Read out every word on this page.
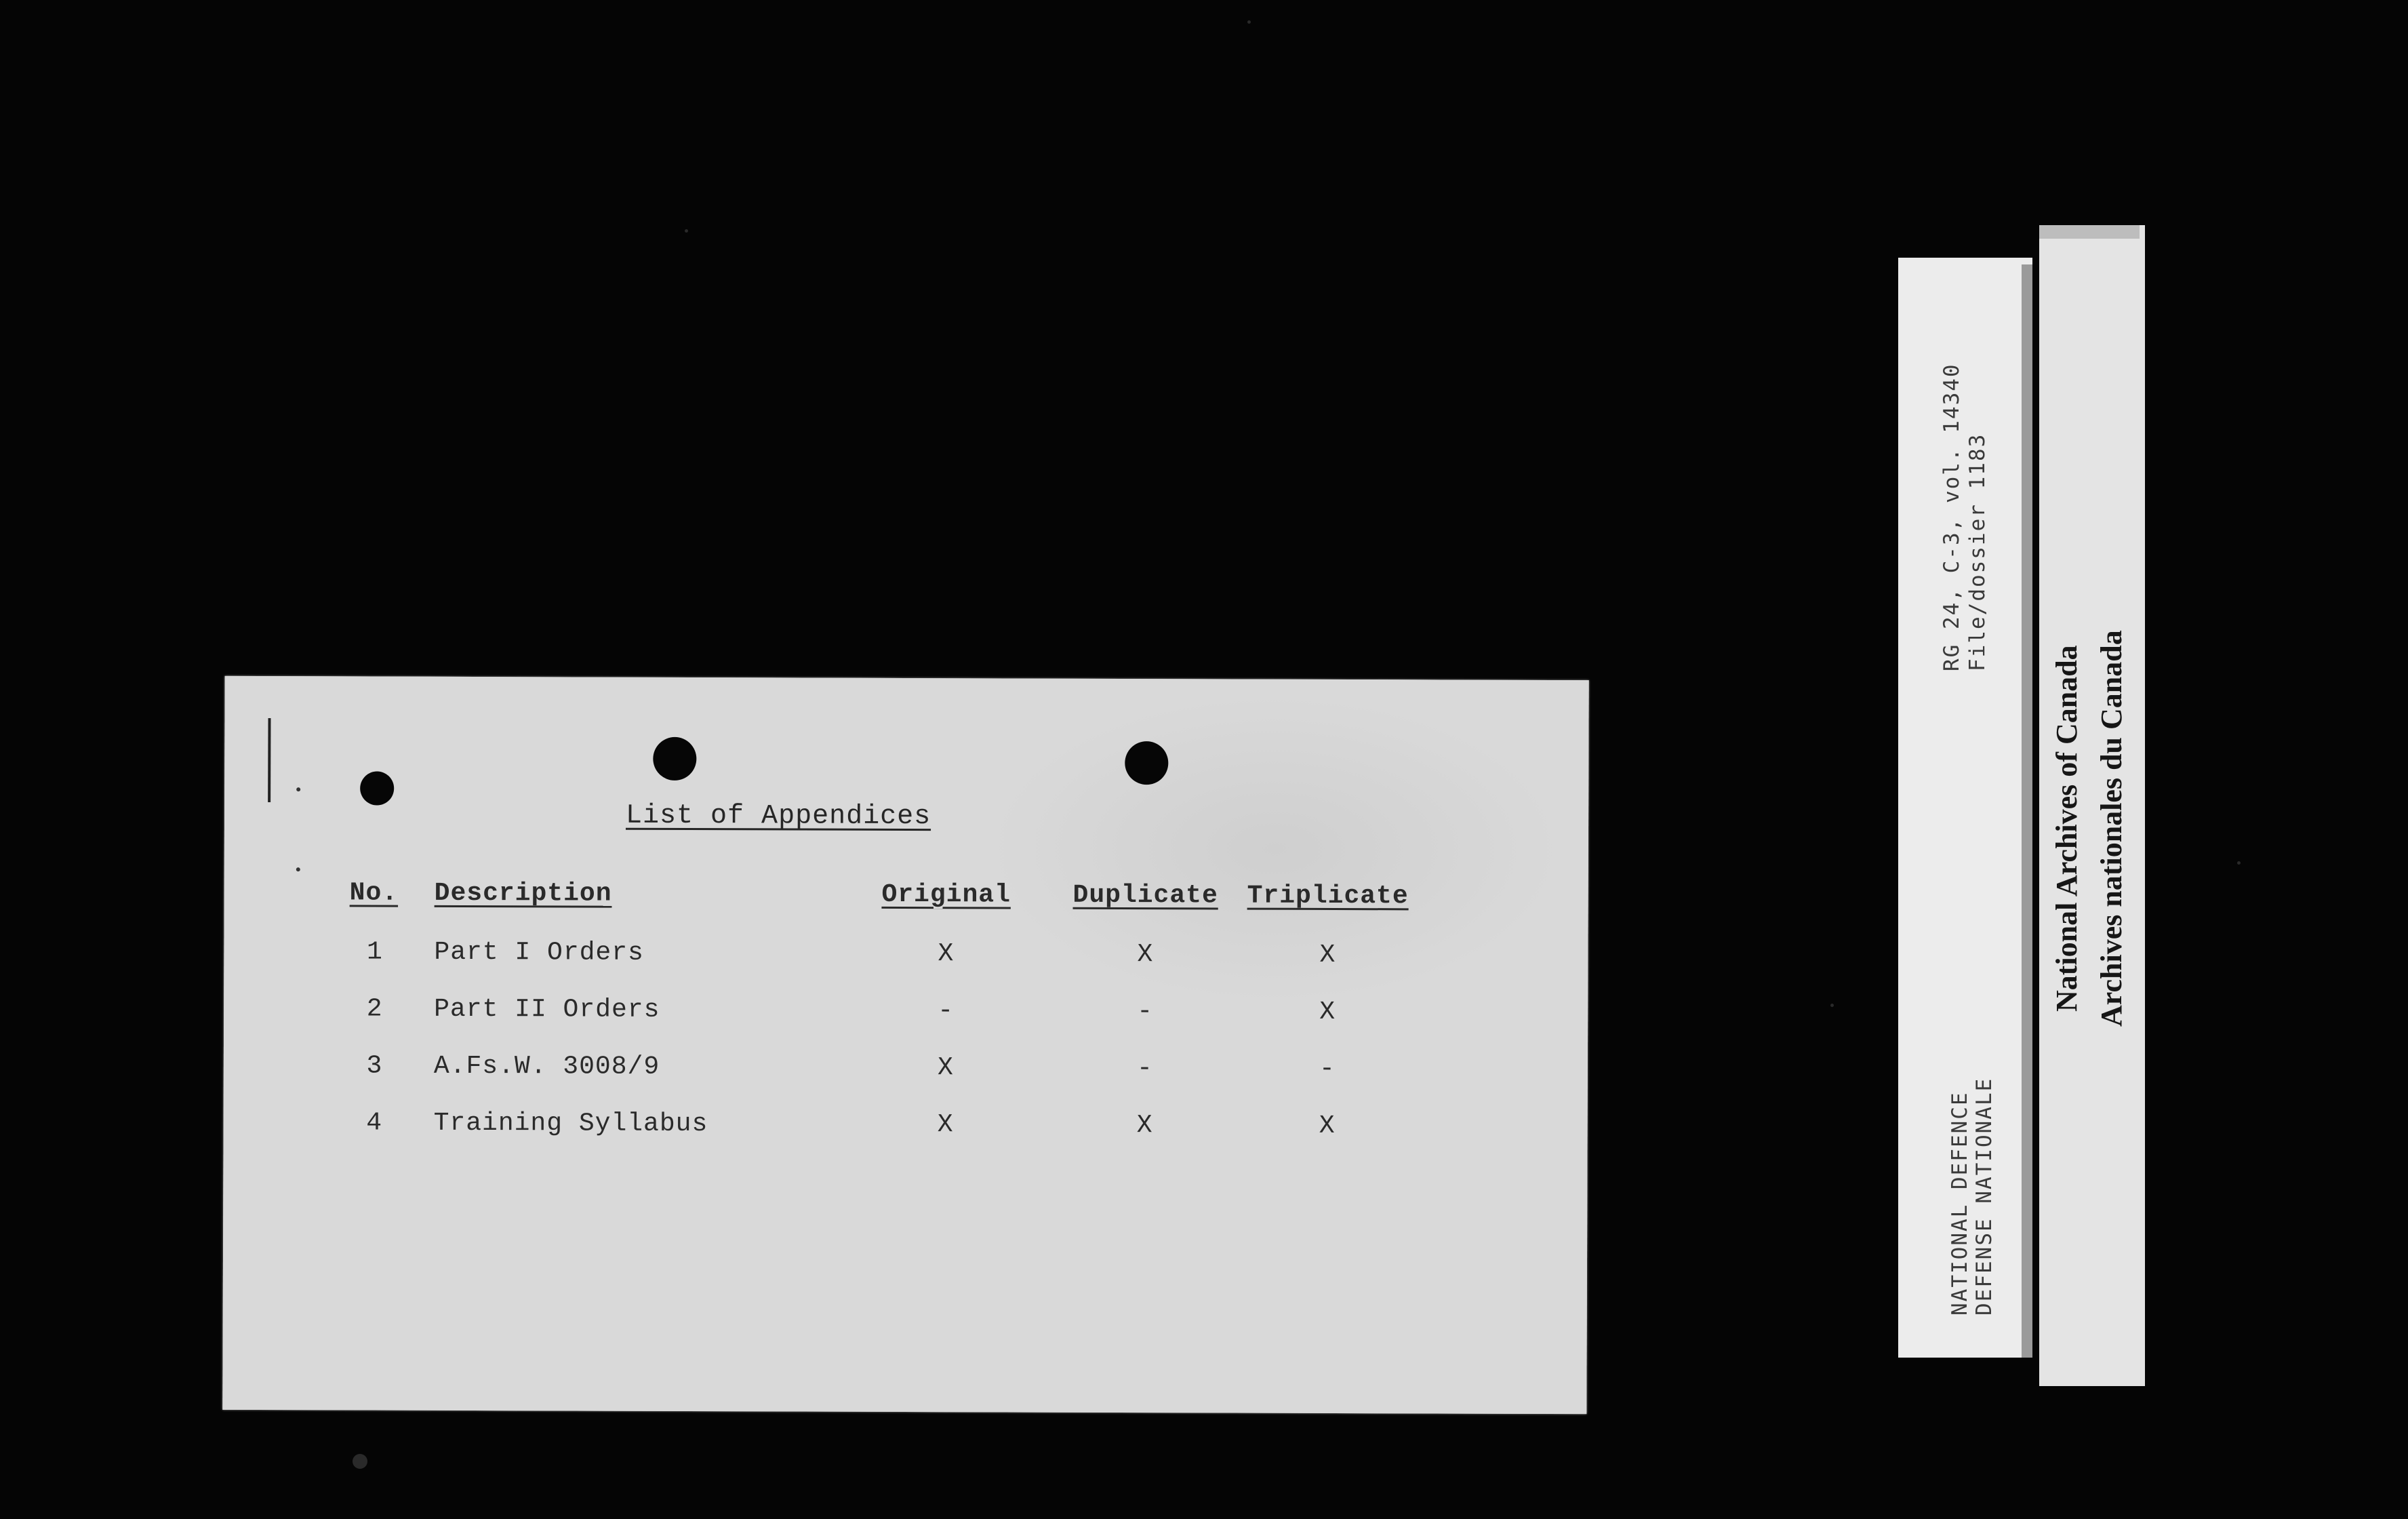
List of Appendices
No.	Description	Original	Duplicate	Triplicate
1	Part I Orders	X	X	X
2	Part II Orders	-	-	X
3	A.Fs.W. 3008/9	X	-	-
4	Training Syllabus	X	X	X
RG 24, C-3, vol. 14340 File/dossier 1183
NATIONAL DEFENCE DEFENSE NATIONALE
National Archives of Canada Archives nationales du Canada
